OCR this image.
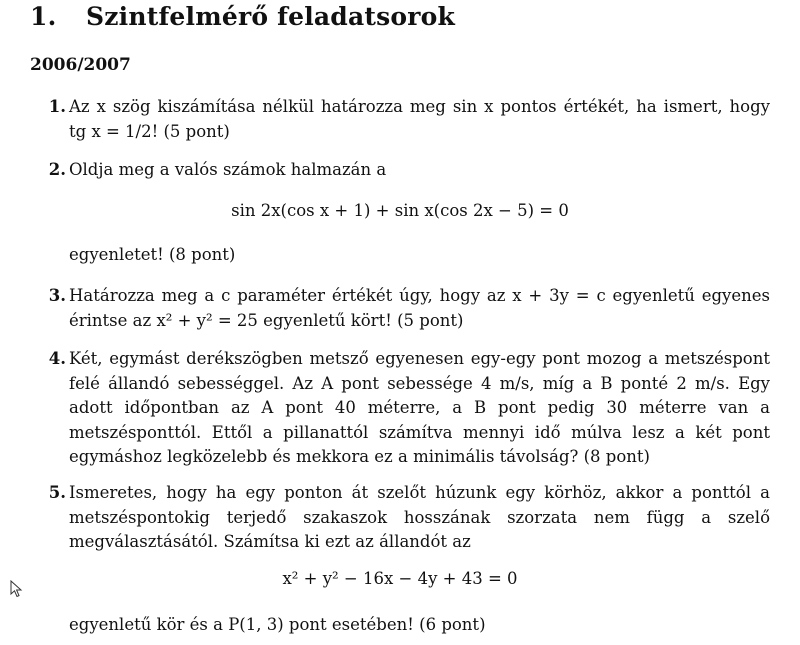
1. Szintfelmérő feladatsorok
2006/2007
1. Az x szög kiszámítása nélkül határozza meg sin x pontos értékét, ha ismert, hogy tg x = 1/2! (5 pont)
2. Oldja meg a valós számok halmazán a
sin 2x(cos x + 1) + sin x(cos 2x − 5) = 0
egyenletet! (8 pont)
3. Határozza meg a c paraméter értékét úgy, hogy az x + 3y = c egyenletű egyenes érintse az x² + y² = 25 egyenletű kört! (5 pont)
4. Két, egymást derékszögben metsző egyenesen egy-egy pont mozog a metszéspont felé állandó sebességgel. Az A pont sebessége 4 m/s, míg a B ponté 2 m/s. Egy adott időpontban az A pont 40 méterre, a B pont pedig 30 méterre van a metszésponttól. Ettől a pillanattól számítva mennyi idő múlva lesz a két pont egymáshoz legközelebb és mekkora ez a minimális távolság? (8 pont)
5. Ismeretes, hogy ha egy ponton át szelőt húzunk egy körhöz, akkor a ponttól a metszéspontokig terjedő szakaszok hosszának szorzata nem függ a szelő megválasztásától. Számítsa ki ezt az állandót az
x² + y² − 16x − 4y + 43 = 0
egyenletű kör és a P(1, 3) pont esetében! (6 pont)
